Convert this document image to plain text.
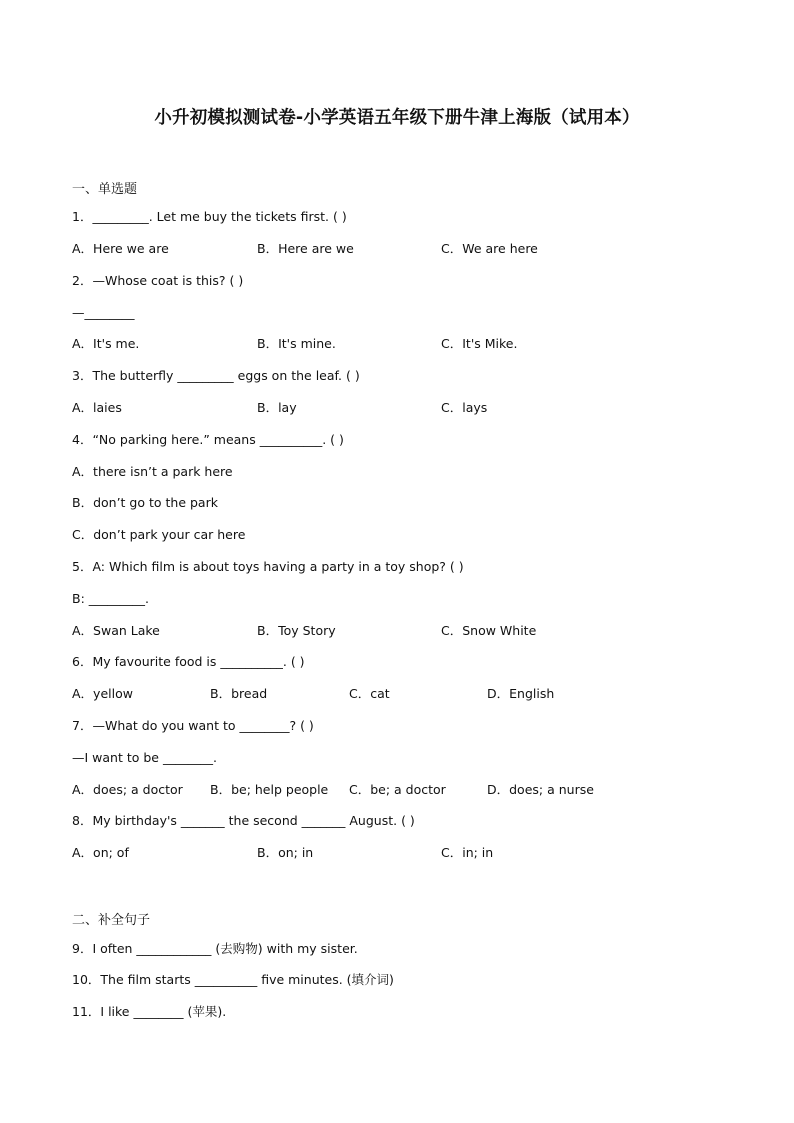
小升初模拟测试卷-小学英语五年级下册牛津上海版（试用本）
一、单选题
1．_________. Let me buy the tickets first. ( )
A．Here we are	B．Here are we	C．We are here
2．—Whose coat is this? ( )
—________
A．It's me.	B．It's mine.	C．It's Mike.
3．The butterfly _________ eggs on the leaf. ( )
A．laies	B．lay	C．lays
4．“No parking here.” means __________. ( )
A．there isn’t a park here
B．don’t go to the park
C．don’t park your car here
5．A: Which film is about toys having a party in a toy shop? ( )
B: _________.
A．Swan Lake	B．Toy Story	C．Snow White
6．My favourite food is __________. ( )
A．yellow	B．bread	C．cat	D．English
7．—What do you want to ________? ( )
—I want to be ________.
A．does; a doctor B．be; help people C．be; a doctor	D．does; a nurse
8．My birthday's _______ the second _______ August. ( )
A．on; of	B．on; in	C．in; in
二、补全句子
9．I often ____________ (去购物) with my sister.
10．The film starts __________ five minutes. (填介词)
11．I like ________ (苹果).
